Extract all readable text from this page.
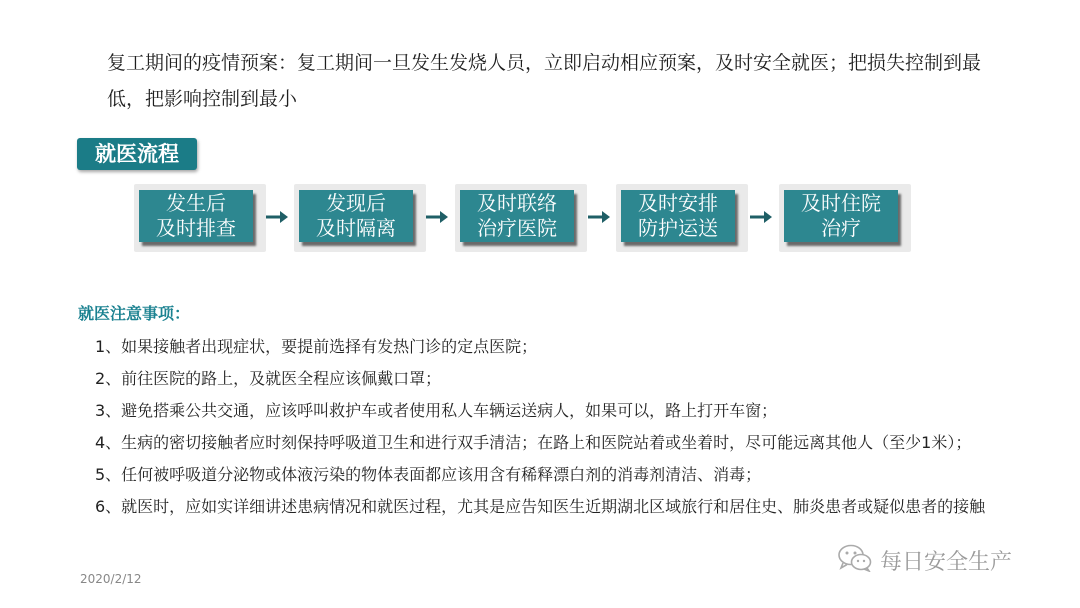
复工期间的疫情预案：复工期间一旦发生发烧人员，立即启动相应预案，及时安全就医；把损失控制到最低，把影响控制到最小

就医流程
发生后
及时排查
发现后
及时隔离
及时联络
治疗医院
及时安排
防护运送
及时住院
治疗

就医注意事项：

1、如果接触者出现症状，要提前选择有发热门诊的定点医院；
2、前往医院的路上，及就医全程应该佩戴口罩；
3、避免搭乘公共交通，应该呼叫救护车或者使用私人车辆运送病人，如果可以，路上打开车窗；
4、生病的密切接触者应时刻保持呼吸道卫生和进行双手清洁；在路上和医院站着或坐着时，尽可能远离其他人（至少1米）；
5、任何被呼吸道分泌物或体液污染的物体表面都应该用含有稀释漂白剂的消毒剂清洁、消毒；
6、就医时，应如实详细讲述患病情况和就医过程，尤其是应告知医生近期湖北区域旅行和居住史、肺炎患者或疑似患者的接触
2020/2/12
每日安全生产
